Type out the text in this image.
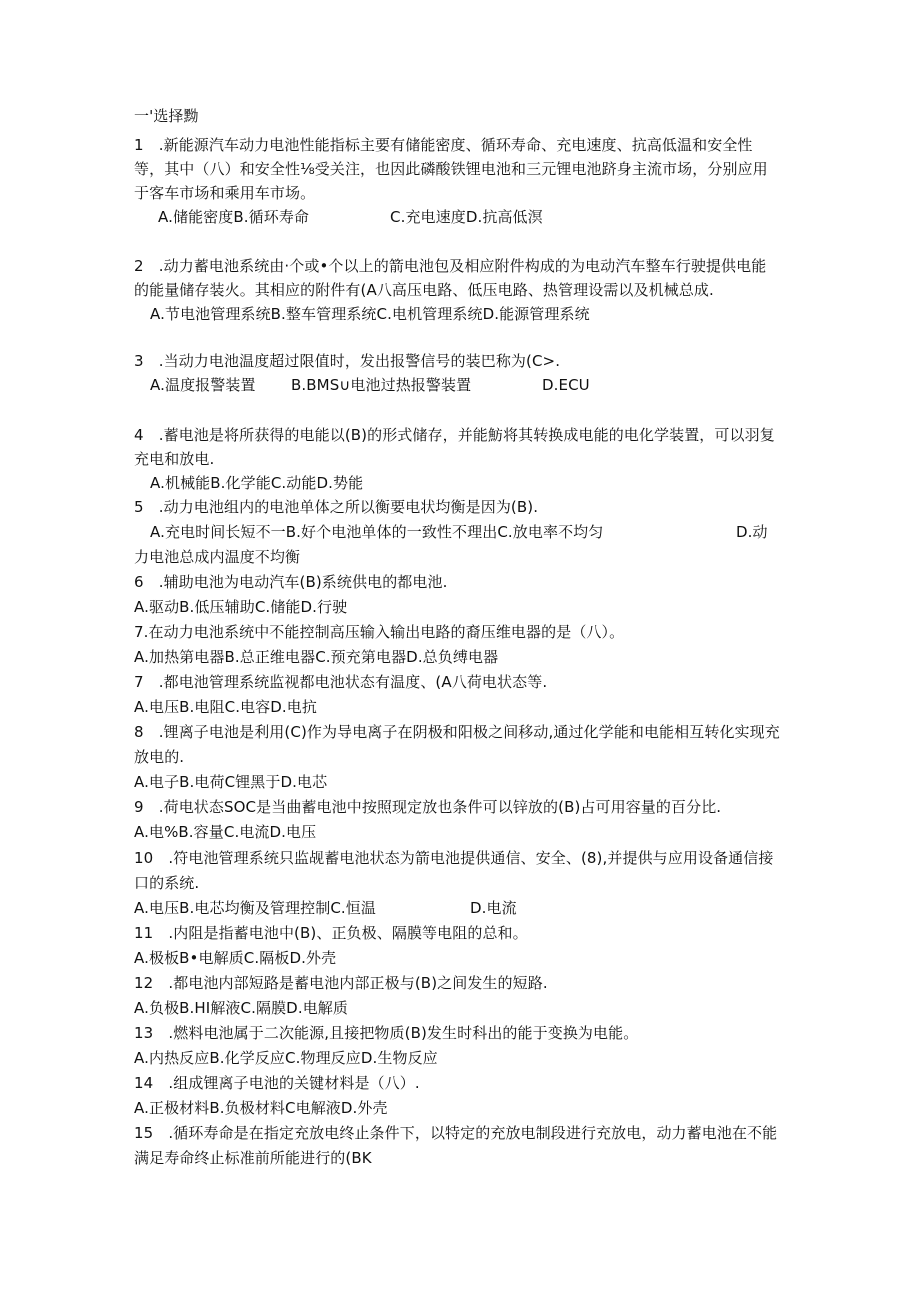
一'选择黝
1　.新能源汽车动力电池性能指标主要有储能密度、循环寿命、充电速度、抗高低温和安全性
等，其中（八）和安全性⅛受关注，也因此磷酸铁锂电池和三元锂电池跻身主流市场，分别应用
于客车市场和乘用车市场。
A.储能密度B.循环寿命	C.充电速度D.抗高低溟
2　.动力蓄电池系统由·个或•个以上的箭电池包及相应附件构成的为电动汽车整车行驶提供电能
的能量储存装火。其相应的附件有(A八高压电路、低压电路、热管理设需以及机械总成.
A.节电池管理系统B.整车管理系统C.电机管理系统D.能源管理系统
3　.当动力电池温度超过限值时，发出报警信号的装巴称为(C>.
A.温度报警装置 B.BMS∪电池过热报警装置	D.ECU
4　.蓄电池是将所获得的电能以(B)的形式储存，并能魴将其转换成电能的电化学装置，可以羽复
充电和放电.
A.机械能B.化学能C.动能D.势能
5　.动力电池组内的电池单体之所以衡要电状均衡是因为(B).
A.充电时间长短不一B.好个电池单体的一致性不理出C.放电率不均匀	D.动
力电池总成内温度不均衡
6　.辅助电池为电动汽车(B)系统供电的都电池.
A.驱动B.低压辅助C.储能D.行驶
7.在动力电池系统中不能控制高压输入输出电路的裔压维电器的是（八）。
A.加热第电器B.总正维电器C.预充第电器D.总负缚电器
7　.都电池管理系统监视都电池状态有温度、(A八荷电状态等.
A.电压B.电阻C.电容D.电抗
8　.锂离子电池是利用(C)作为导电离子在阴极和阳极之间移动,通过化学能和电能相互转化实现充
放电的.
A.电子B.电荷C锂黑于D.电芯
9　.荷电状态SOC是当曲蓄电池中按照现定放也条件可以锌放的(B)占可用容量的百分比.
A.电%B.容量C.电流D.电压
10　.符电池管理系统只监觇蓄电池状态为箭电池提供通信、安全、(8),并提供与应用设备通信接
口的系统.
A.电压B.电芯均衡及管理控制C.恒温	D.电流
11　.内阻是指蓄电池中(B)、正负极、隔膜等电阻的总和。
A.极板B•电解质C.隔板D.外壳
12　.都电池内部短路是蓄电池内部正极与(B)之间发生的短路.
A.负极B.HI解液C.隔膜D.电解质
13　.燃料电池属于二次能源,且接把物质(B)发生时科出的能于变换为电能。
A.内热反应B.化学反应C.物理反应D.生物反应
14　.组成锂离子电池的关键材料是（八）.
A.正极材料B.负极材料C电解液D.外壳
15　.循环寿命是在指定充放电终止条件下，以特定的充放电制段进行充放电，动力蓄电池在不能
满足寿命终止标准前所能进行的(BK
